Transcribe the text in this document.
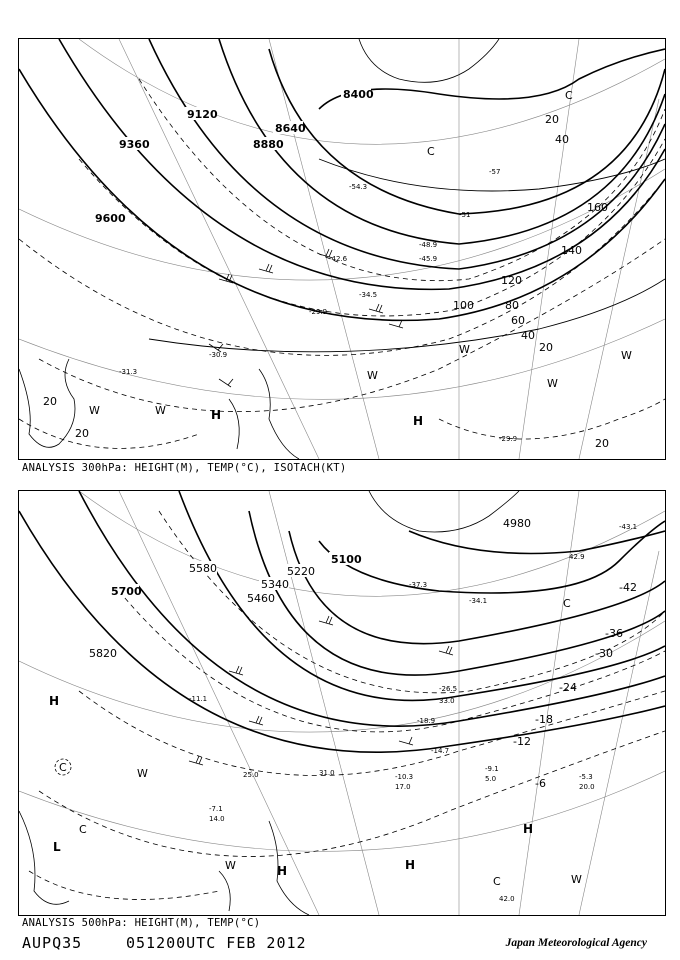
9600
9360
9120
8880
8640
8400
20
40
60
80
100
120
140
160
20
40
20
20
20
-29.9
-30.9
-31.3
-34.5
-42.6	-45.9
-48.9
-51
-54.3
-57
-29.9
H	H
W	W
W
W
W
W
C
C
ANALYSIS 300hPa: HEIGHT(M), TEMP(°C), ISOTACH(KT)
5820
5700
5580
5460
5340
5220
5100
4980
-42
-36
-30
-24
-18
-12
-6
-14.7
-10.3
-9.1
-5.3
-7.1
-11.1
-18.9
-26.5
-34.1
-37.3
-43.1
42.9
33.0
31.0
25.0
17.0
5.0
20.0
42.0
14.0
H
H	H
H
L
W
W
W
C
C
C
C
ANALYSIS 500hPa: HEIGHT(M), TEMP(°C)
AUPQ35	051200UTC FEB 2012	Japan Meteorological Agency
